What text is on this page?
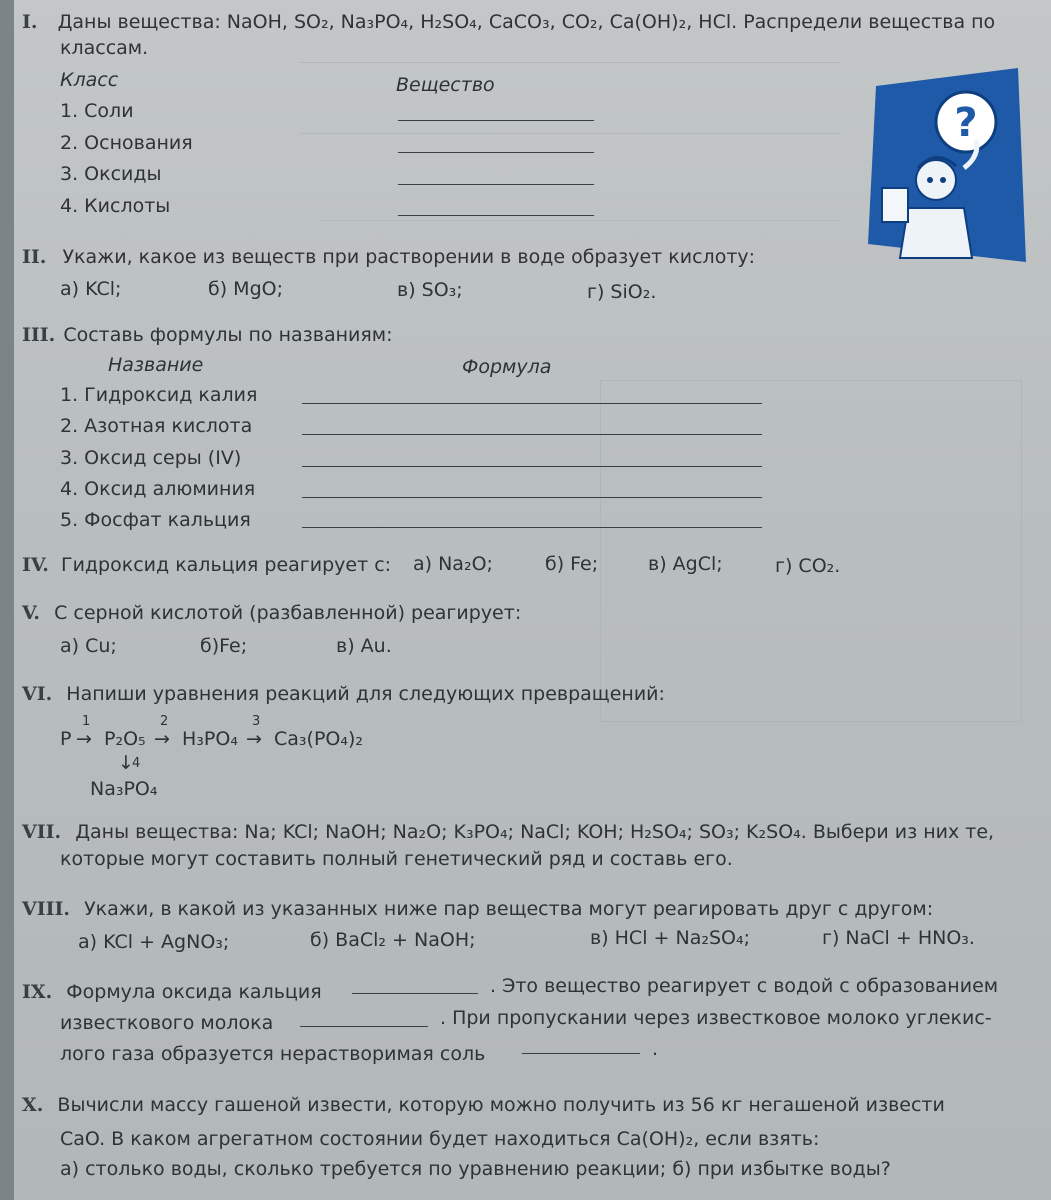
I. Даны вещества: NaOH, SO₂, Na₃PO₄, H₂SO₄, CaCO₃, CO₂, Ca(OH)₂, HCl. Распредели вещества по
классам.
Класс	Вещество
1. Соли
2. Основания
3. Оксиды
4. Кислоты
?
II. Укажи, какое из веществ при растворении в воде образует кислоту:
а) KCl;	б) MgO;	в) SO₃;	г) SiO₂.
III. Составь формулы по названиям:
Название	Формула
1. Гидроксид калия
2. Азотная кислота
3. Оксид серы (IV)
4. Оксид алюминия
5. Фосфат кальция
IV. Гидроксид кальция реагирует с: а) Na₂O;	б) Fe;	в) AgCl;	г) CO₂.
V. С серной кислотой (разбавленной) реагирует:
а) Cu;	б)Fe;	в) Au.
VI. Напиши уравнения реакций для следующих превращений:
P
1
→ P₂O₅
2
→ H₃PO₄
3
→ Ca₃(PO₄)₂
↓
4
Na₃PO₄
VII. Даны вещества: Na; KCl; NaOH; Na₂O; K₃PO₄; NaCl; KOH; H₂SO₄; SO₃; K₂SO₄. Выбери из них те,
которые могут составить полный генетический ряд и составь его.
VIII. Укажи, в какой из указанных ниже пар вещества могут реагировать друг с другом:
а) KCl + AgNO₃;	б) BaCl₂ + NaOH;	в) HCl + Na₂SO₄;	г) NaCl + HNO₃.
IX. Формула оксида кальция	. Это вещество реагирует с водой с образованием
известкового молока	. При пропускании через известковое молоко углекис-
лого газа образуется нерастворимая соль	.
X. Вычисли массу гашеной извести, которую можно получить из 56 кг негашеной извести
CaO. В каком агрегатном состоянии будет находиться Ca(OH)₂, если взять:
а) столько воды, сколько требуется по уравнению реакции; б) при избытке воды?
